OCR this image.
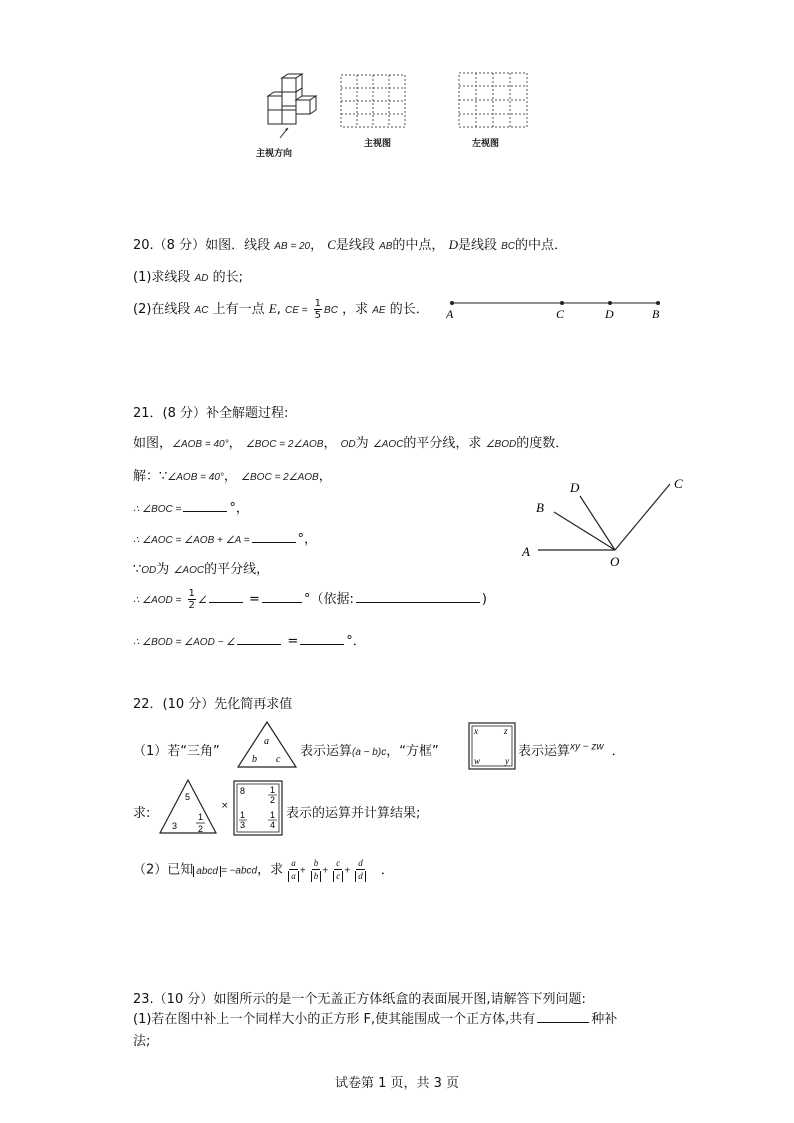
主视方向
主视图	左视图
20.（8 分）如图．线段 AB = 20， C是线段 AB的中点， D是线段 BC的中点．
(1)求线段 AD 的长;
(2)在线段 AC 上有一点 E, CE = $\frac{1}{5}$ BC ，求 AE 的长． A	C	D	B
21．(8 分）补全解题过程:
如图，∠AOB = 40°， ∠BOC = 2∠AOB， OD为 ∠AOC的平分线，求 ∠BOD的度数．
解：∵∠AOB = 40°， ∠BOC = 2∠AOB，
∴ ∠BOC =	°，
∴ ∠AOC = ∠AOB + ∠A =	°，
∵OD为 ∠AOC的平分线，
∴ ∠AOD = $\frac{1}{2}$ ∠	=	°（依据:	)
∴ ∠BOD = ∠AOD − ∠	=	°．
A
B
D	C
O
22．(10 分）先化简再求值
（1）若“三角”
a
b c
表示运算(a − b)c，“方框”
x	z
w	y
表示运算$^{xy - zw}$ ．
求:
5
3
1
2
×
8	1
2
1
3
1
4
表示的运算并计算结果;
（2）已知 abcd = −abcd，求 $\frac{a}{a} + \frac{b}{b} + \frac{c}{c} + \frac{d}{d}$ ．
23.（10 分）如图所示的是一个无盖正方体纸盒的表面展开图,请解答下列问题:
(1)若在图中补上一个同样大小的正方形 F,使其能围成一个正方体,共有	种补
法;
试卷第 1 页，共 3 页
